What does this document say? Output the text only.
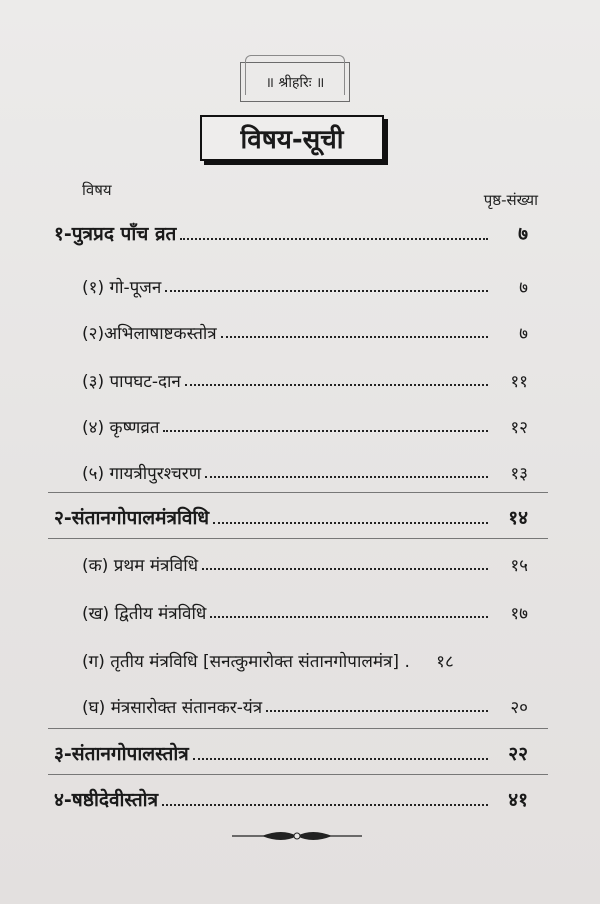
॥ श्रीहरिः ॥
विषय-सूची
विषय
पृष्ठ-संख्या
१-पुत्रप्रद पाँच व्रत	७
(१) गो-पूजन	७
(२)अभिलाषाष्टकस्तोत्र	७
(३) पापघट-दान	११
(४) कृष्णव्रत	१२
(५) गायत्रीपुरश्चरण	१३
२-संतानगोपालमंत्रविधि	१४
(क) प्रथम मंत्रविधि	१५
(ख) द्वितीय मंत्रविधि	१७
(ग) तृतीय मंत्रविधि [सनत्कुमारोक्त संतानगोपालमंत्र] .	१८
(घ) मंत्रसारोक्त संतानकर-यंत्र	२०
३-संतानगोपालस्तोत्र	२२
४-षष्ठीदेवीस्तोत्र	४१
